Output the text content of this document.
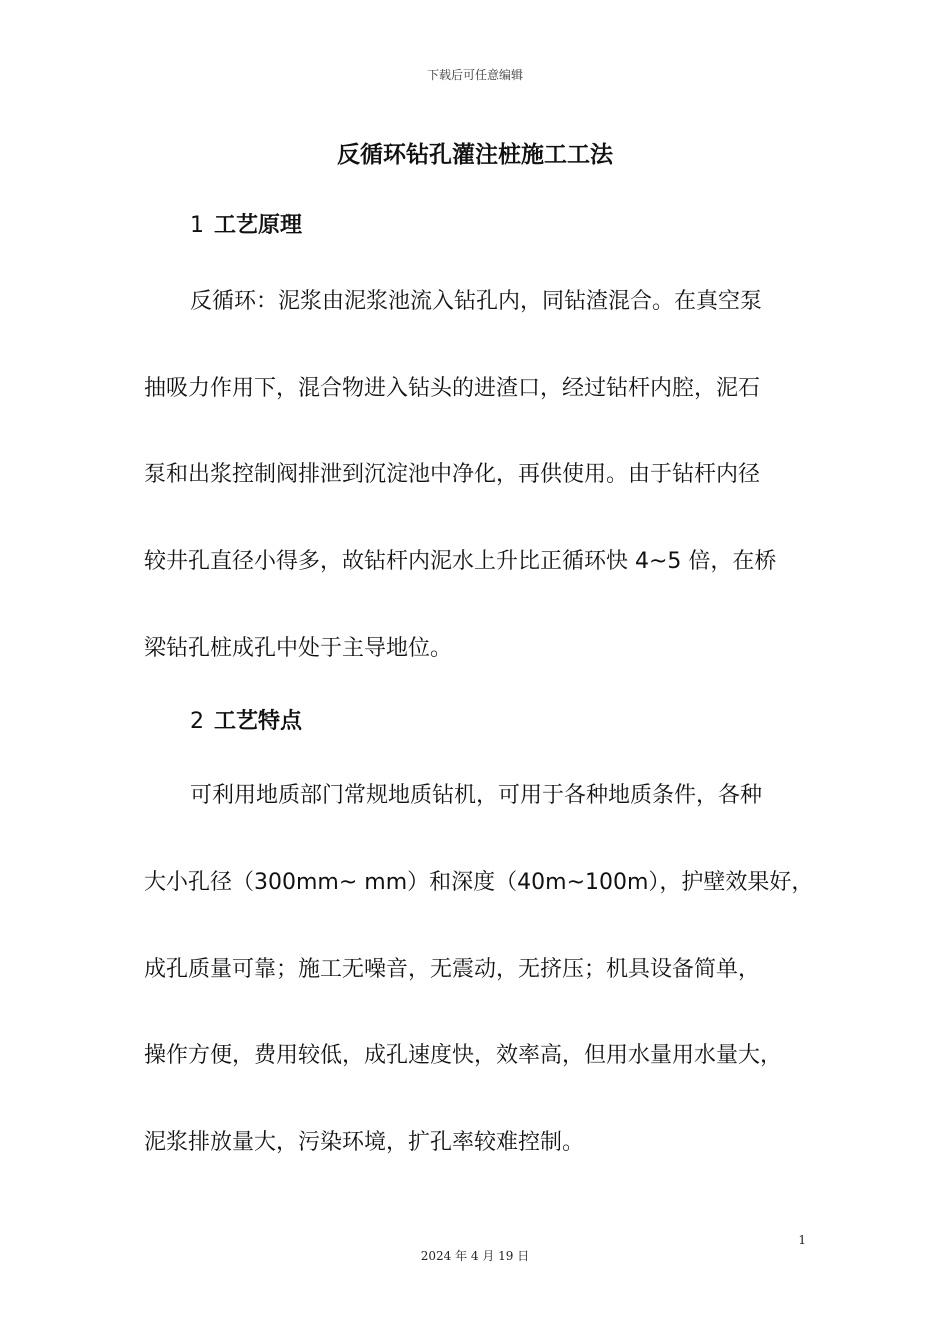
下载后可任意编辑
反循环钻孔灌注桩施工工法
1 工艺原理
反循环：泥浆由泥浆池流入钻孔内，同钻渣混合。在真空泵
抽吸力作用下，混合物进入钻头的进渣口，经过钻杆内腔，泥石
泵和出浆控制阀排泄到沉淀池中净化，再供使用。由于钻杆内径
较井孔直径小得多，故钻杆内泥水上升比正循环快 4~5 倍，在桥
梁钻孔桩成孔中处于主导地位。
2 工艺特点
可利用地质部门常规地质钻机，可用于各种地质条件，各种
大小孔径（300mm~ mm）和深度（40m~100m），护壁效果好，
成孔质量可靠；施工无噪音，无震动，无挤压；机具设备简单，
操作方便，费用较低，成孔速度快，效率高，但用水量用水量大，
泥浆排放量大，污染环境，扩孔率较难控制。
1
2024 年 4 月 19 日
